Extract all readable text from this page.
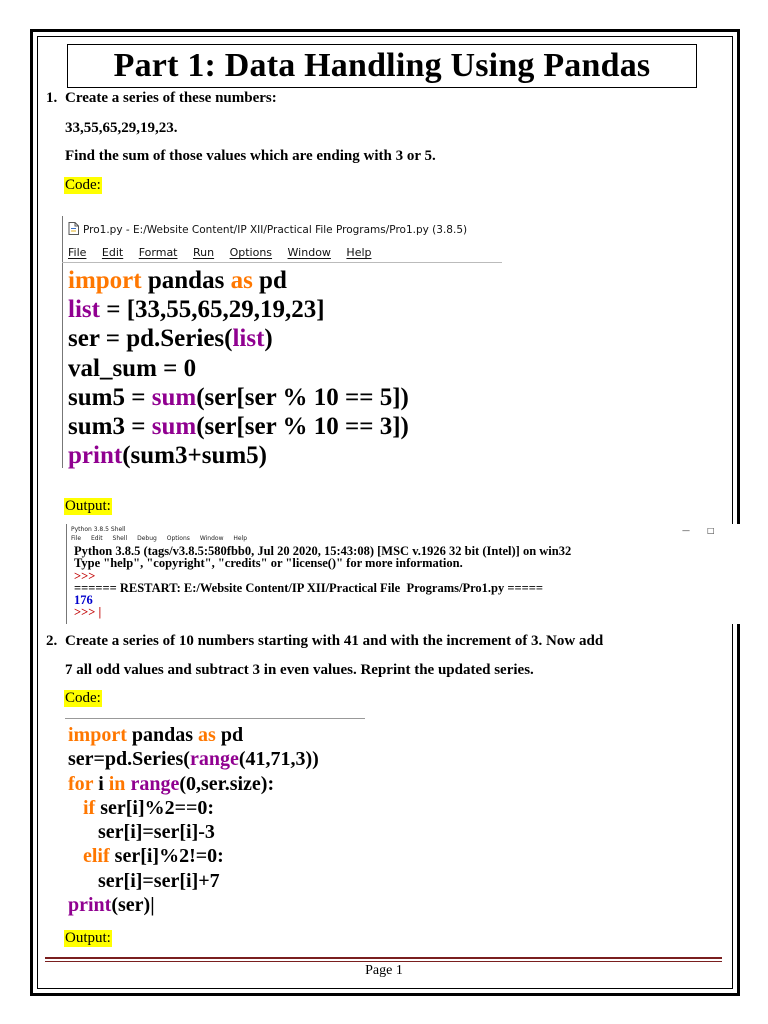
Part 1: Data Handling Using Pandas
1. Create a series of these numbers:
33,55,65,29,19,23.
Find the sum of those values which are ending with 3 or 5.
Code:
Pro1.py - E:/Website Content/IP XII/Practical File Programs/Pro1.py (3.8.5)
File Edit Format Run Options Window Help
import pandas as pd
list = [33,55,65,29,19,23]
ser = pd.Series(list)
val_sum = 0
sum5 = sum(ser[ser % 10 == 5])
sum3 = sum(ser[ser % 10 == 3])
print(sum3+sum5)
Output:
Python 3.8.5 Shell	— □
File Edit Shell Debug Options Window Help
Python 3.8.5 (tags/v3.8.5:580fbb0, Jul 20 2020, 15:43:08) [MSC v.1926 32 bit (Intel)] on win32
Type "help", "copyright", "credits" or "license()" for more information.
>>>
====== RESTART: E:/Website Content/IP XII/Practical File  Programs/Pro1.py =====
176
>>> |
2. Create a series of 10 numbers starting with 41 and with the increment of 3. Now add
7 all odd values and subtract 3 in even values. Reprint the updated series.
Code:
import pandas as pd
ser=pd.Series(range(41,71,3))
for i in range(0,ser.size):
if ser[i]%2==0:
ser[i]=ser[i]-3
elif ser[i]%2!=0:
ser[i]=ser[i]+7
print(ser)|
Output:
Page 1
